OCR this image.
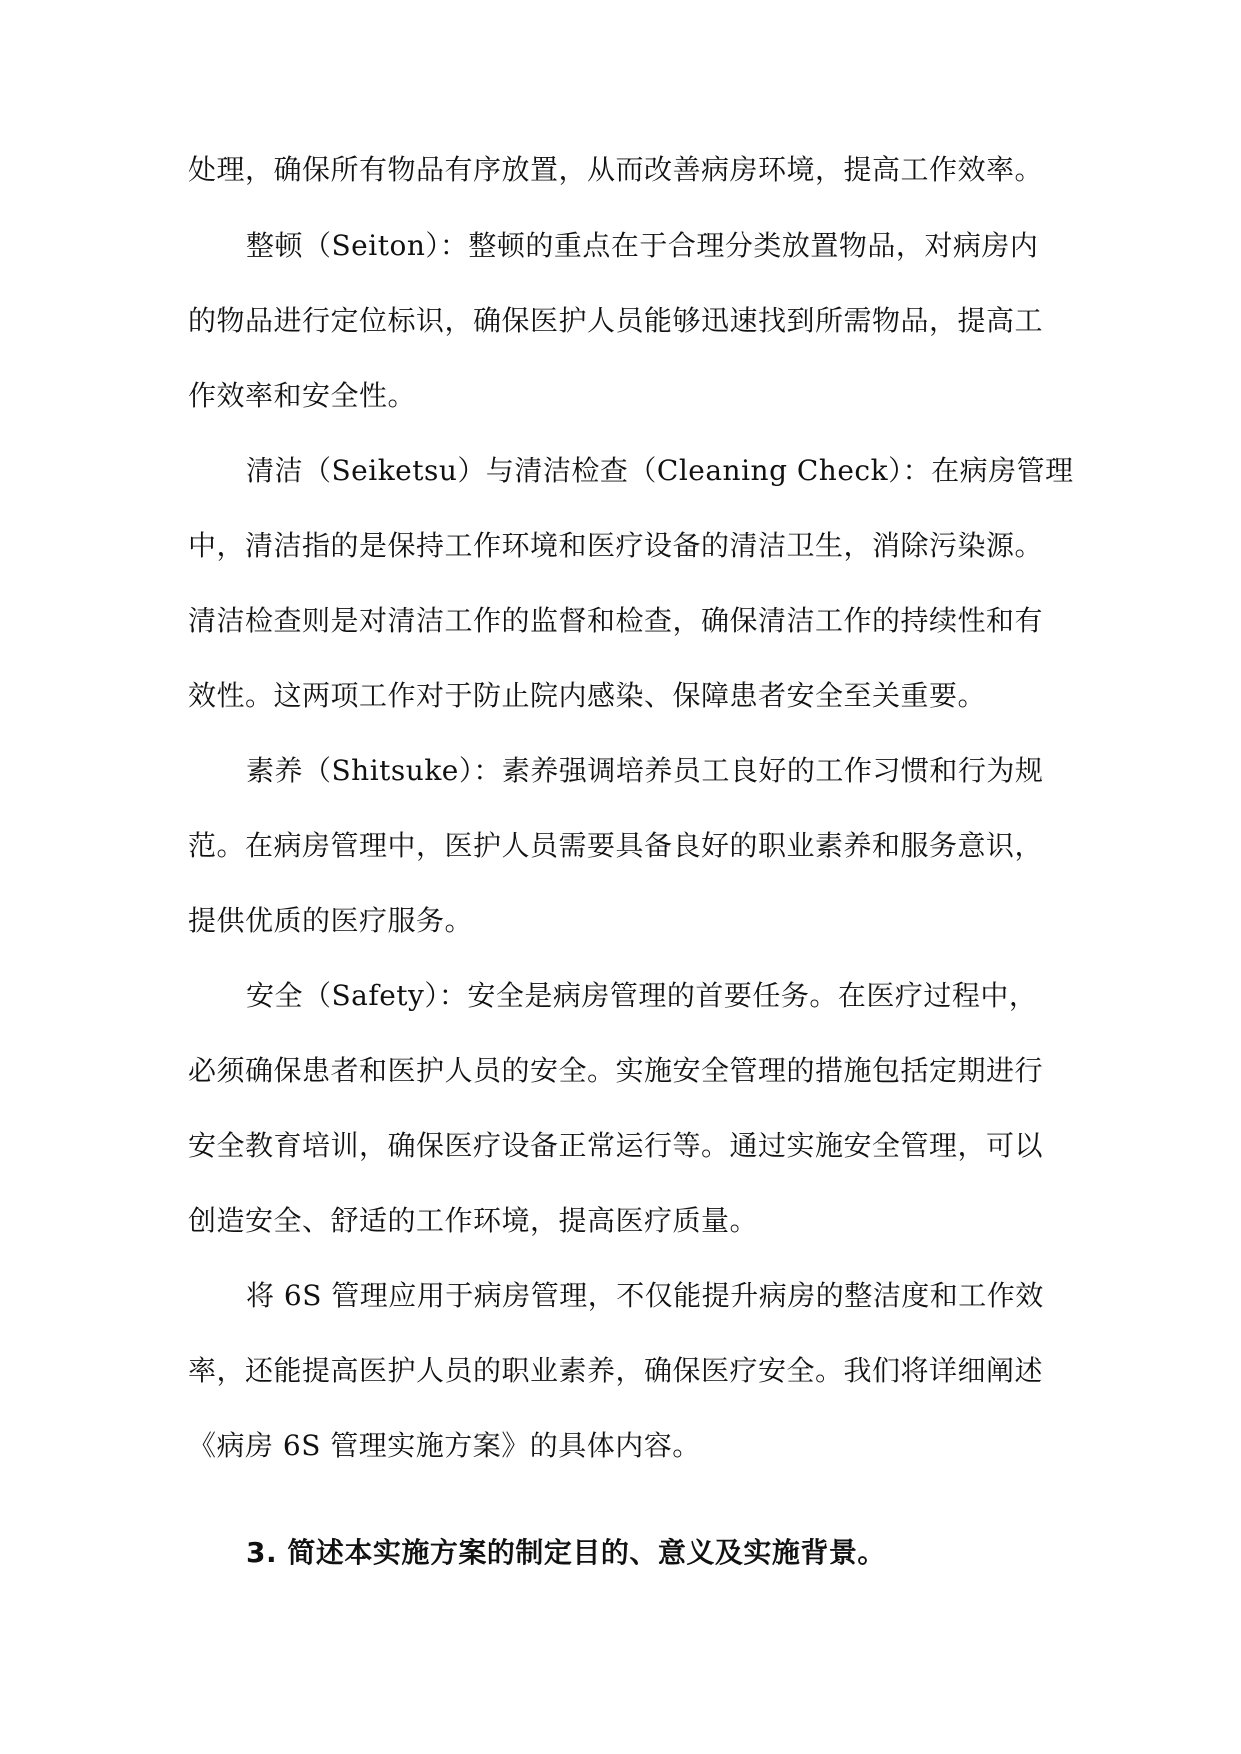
处理，确保所有物品有序放置，从而改善病房环境，提高工作效率。
整顿（Seiton）：整顿的重点在于合理分类放置物品，对病房内
的物品进行定位标识，确保医护人员能够迅速找到所需物品，提高工
作效率和安全性。
清洁（Seiketsu）与清洁检查（Cleaning Check）：在病房管理
中，清洁指的是保持工作环境和医疗设备的清洁卫生，消除污染源。
清洁检查则是对清洁工作的监督和检查，确保清洁工作的持续性和有
效性。这两项工作对于防止院内感染、保障患者安全至关重要。
素养（Shitsuke）：素养强调培养员工良好的工作习惯和行为规
范。在病房管理中，医护人员需要具备良好的职业素养和服务意识，
提供优质的医疗服务。
安全（Safety）：安全是病房管理的首要任务。在医疗过程中，
必须确保患者和医护人员的安全。实施安全管理的措施包括定期进行
安全教育培训，确保医疗设备正常运行等。通过实施安全管理，可以
创造安全、舒适的工作环境，提高医疗质量。
将 6S 管理应用于病房管理，不仅能提升病房的整洁度和工作效
率，还能提高医护人员的职业素养，确保医疗安全。我们将详细阐述
《病房 6S 管理实施方案》的具体内容。
3. 简述本实施方案的制定目的、意义及实施背景。
